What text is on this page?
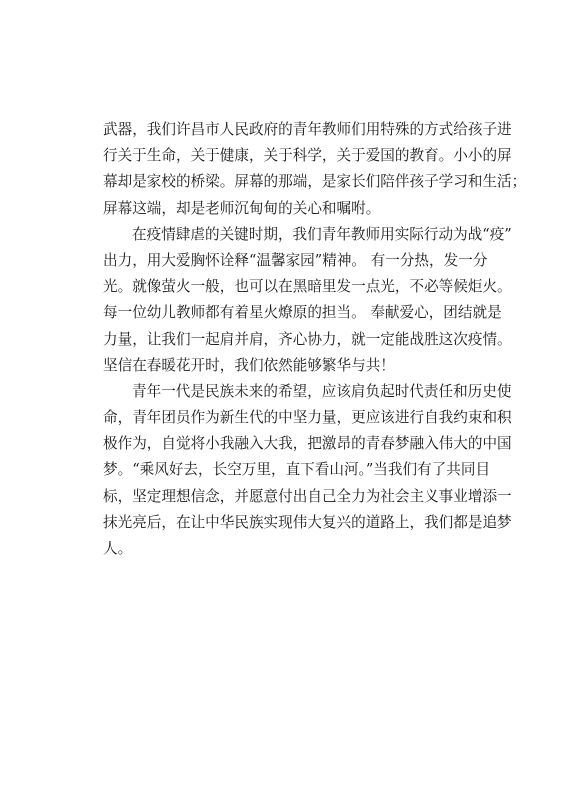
武器，我们许昌市人民政府的青年教师们用特殊的方式给孩子进
行关于生命，关于健康，关于科学，关于爱国的教育。小小的屏
幕却是家校的桥梁。屏幕的那端，是家长们陪伴孩子学习和生活；
屏幕这端，却是老师沉甸甸的关心和嘱咐。
在疫情肆虐的关键时期，我们青年教师用实际行动为战“疫”
出力，用大爱胸怀诠释“温馨家园”精神。 有一分热，发一分
光。就像萤火一般，也可以在黑暗里发一点光，不必等候炬火。
每一位幼儿教师都有着星火燎原的担当。 奉献爱心，团结就是
力量，让我们一起肩并肩，齐心协力，就一定能战胜这次疫情。
坚信在春暖花开时，我们依然能够繁华与共！
青年一代是民族未来的希望，应该肩负起时代责任和历史使
命，青年团员作为新生代的中坚力量，更应该进行自我约束和积
极作为，自觉将小我融入大我，把激昂的青春梦融入伟大的中国
梦。“乘风好去，长空万里，直下看山河。”当我们有了共同目
标，坚定理想信念，并愿意付出自己全力为社会主义事业增添一
抹光亮后，在让中华民族实现伟大复兴的道路上，我们都是追梦
人。
